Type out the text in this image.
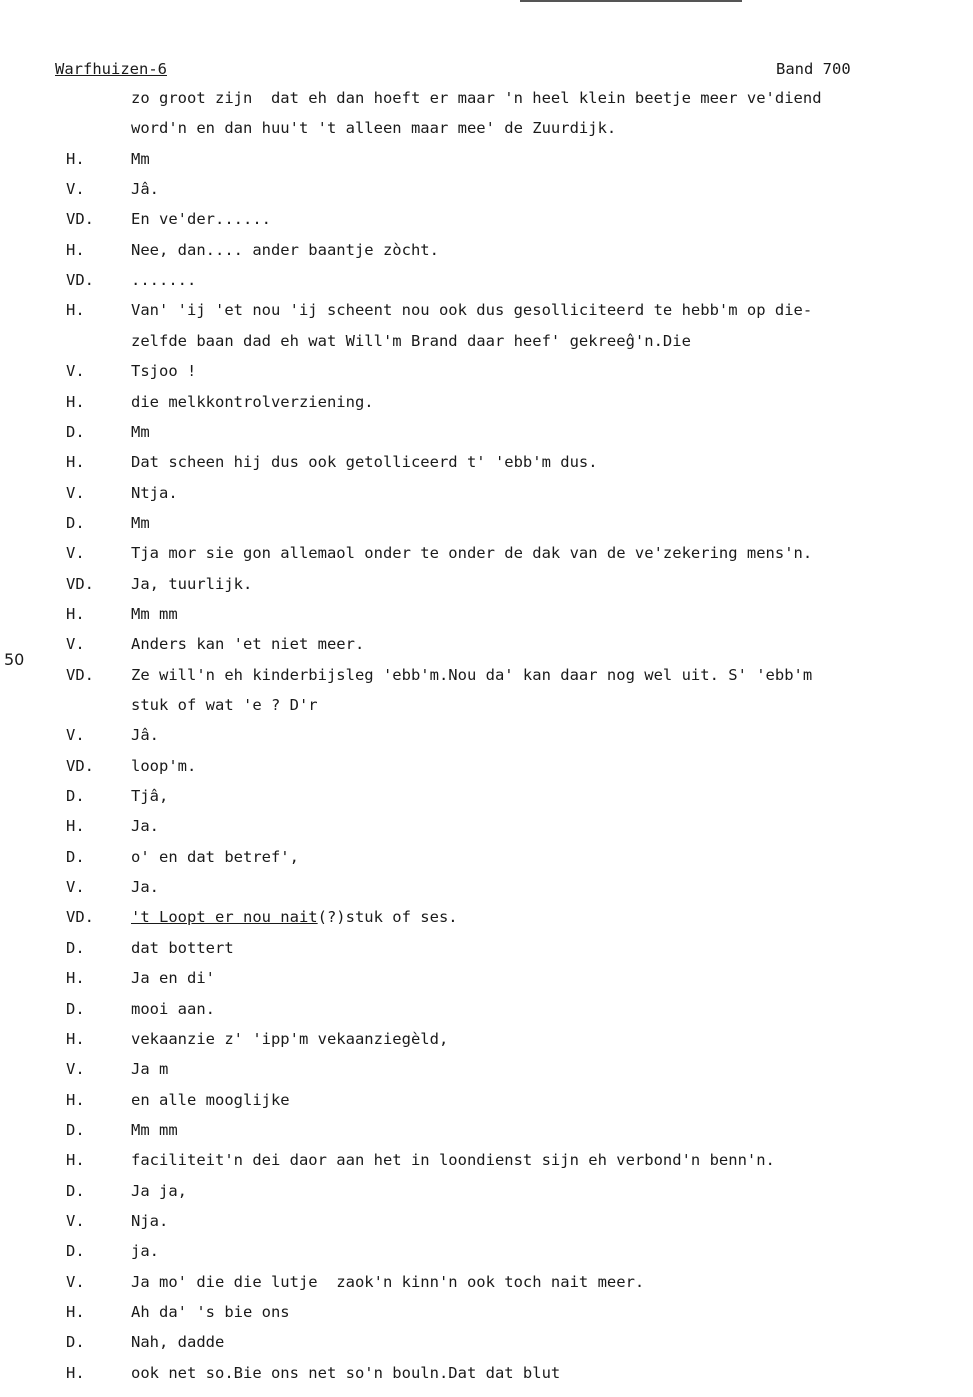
Warfhuizen-6	Band 700
50
zo groot zijn  dat eh dan hoeft er maar 'n heel klein beetje meer ve'diend
word'n en dan huu't 't alleen maar mee' de Zuurdijk.
H.	Mm
V.	Jâ.
VD. En ve'der......
H.	Nee, dan.... ander baantje zòcht.
VD. .......
H.	Van' 'ij 'et nou 'ij scheent nou ook dus gesolliciteerd te hebb'm op die-
zelfde baan dad eh wat Will'm Brand daar heef' gekreeĝ'n.Die
V.	Tsjoo !
H.	die melkkontrolverziening.
D.	Mm
H.	Dat scheen hij dus ook getolliceerd t' 'ebb'm dus.
V.	Ntja.
D.	Mm
V.	Tja mor sie gon allemaol onder te onder de dak van de ve'zekering mens'n.
VD. Ja, tuurlijk.
H.	Mm mm
V.	Anders kan 'et niet meer.
VD. Ze will'n eh kinderbijsleg 'ebb'm.Nou da' kan daar nog wel uit. S' 'ebb'm
stuk of wat 'e ? D'r
V.	Jâ.
VD. loop'm.
D.	Tjâ,
H.	Ja.
D.	o' en dat betref',
V.	Ja.
VD. 't Loopt er nou nait(?)stuk of ses.
D.	dat bottert
H.	Ja en di'
D.	mooi aan.
H.	vekaanzie z' 'ipp'm vekaanziegèld,
V.	Ja m
H.	en alle mooglijke
D.	Mm mm
H.	faciliteit'n dei daor aan het in loondienst sijn eh verbond'n benn'n.
D.	Ja ja,
V.	Nja.
D.	ja.
V.	Ja mo' die die lutje  zaok'n kinn'n ook toch nait meer.
H.	Ah da' 's bie ons
D.	Nah, dadde
H.	ook net so.Bie ons net so'n bouln.Dat dat blut
